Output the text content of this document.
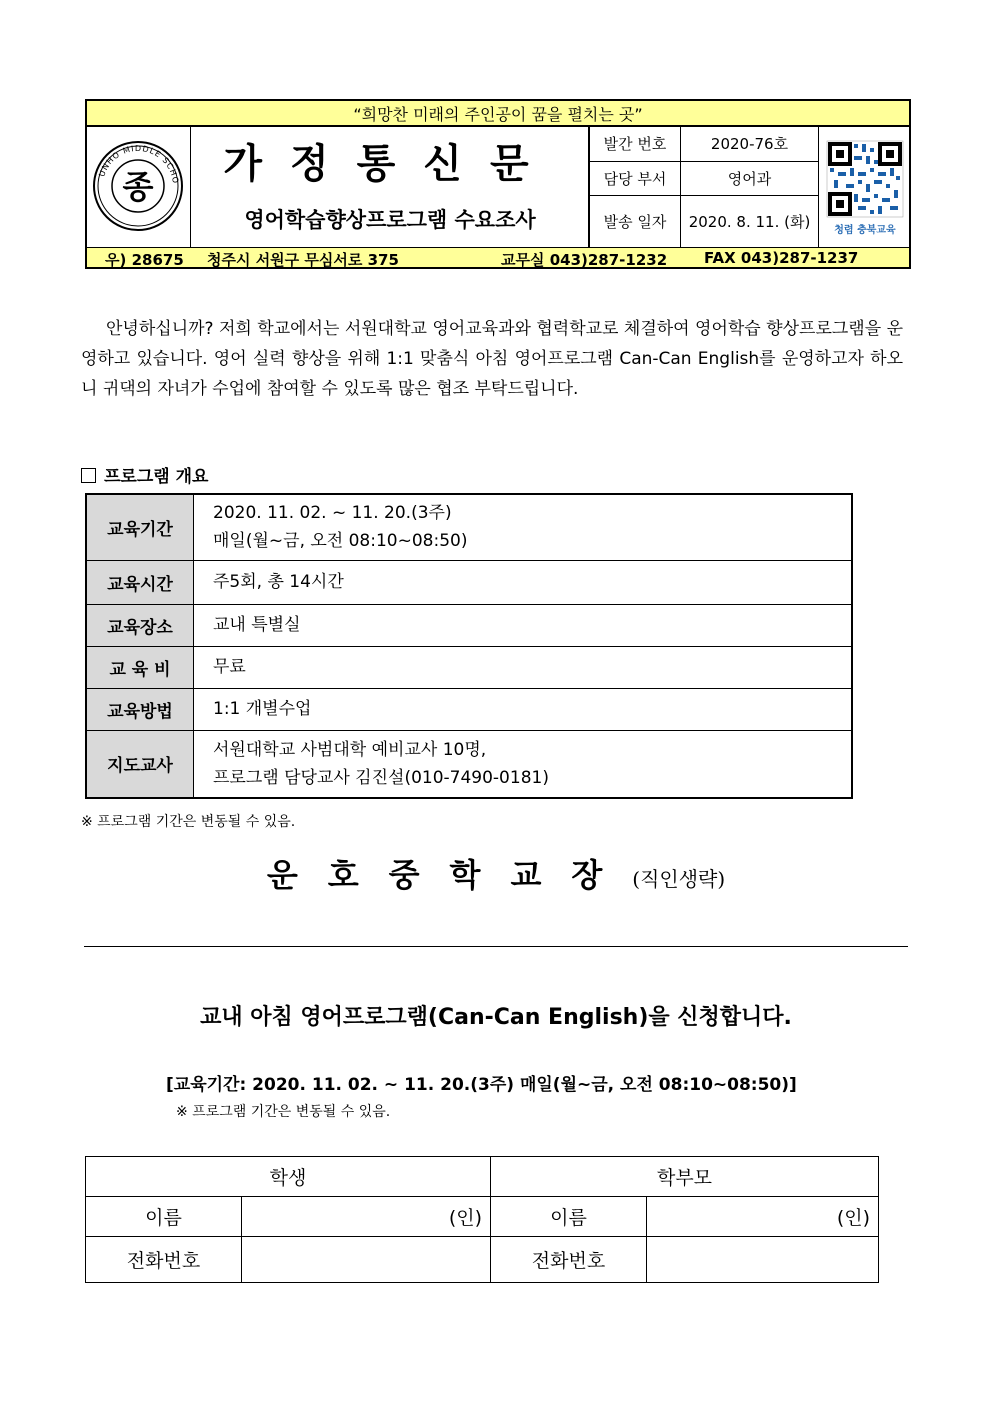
“희망찬 미래의 주인공이 꿈을 펼치는 곳”
UNHO MIDDLE SCHO
종
가정통신문
영어학습향상프로그램 수요조사
발간 번호	2020-76호
담당 부서	영어과
발송 일자	2020. 8. 11. (화)	청렴 충북교육
우) 28675 청주시 서원구 무심서로 375	교무실 043)287-1232 FAX 043)287-1237
안녕하십니까? 저희 학교에서는 서원대학교 영어교육과와 협력학교로 체결하여 영어학습 향상프로그램을 운영하고 있습니다. 영어 실력 향상을 위해 1:1 맞춤식 아침 영어프로그램 Can-Can English를 운영하고자 하오니 귀댁의 자녀가 수업에 참여할 수 있도록 많은 협조 부탁드립니다.
프로그램 개요
교육기간	2020. 11. 02. ~ 11. 20.(3주)
매일(월~금, 오전 08:10~08:50)

교육시간	주5회, 총 14시간
교육장소	교내 특별실
교 육 비	무료
교육방법	1:1 개별수업
지도교사	서원대학교 사범대학 예비교사 10명,
프로그램 담당교사 김진설(010-7490-0181)
※ 프로그램 기간은 변동될 수 있음.
운호중학교장(직인생략)
교내 아침 영어프로그램(Can-Can English)을 신청합니다.
[교육기간: 2020. 11. 02. ~ 11. 20.(3주) 매일(월~금, 오전 08:10~08:50)]
※ 프로그램 기간은 변동될 수 있음.
학생		학부모	
이름	(인)	이름	(인)
전화번호		전화번호	
